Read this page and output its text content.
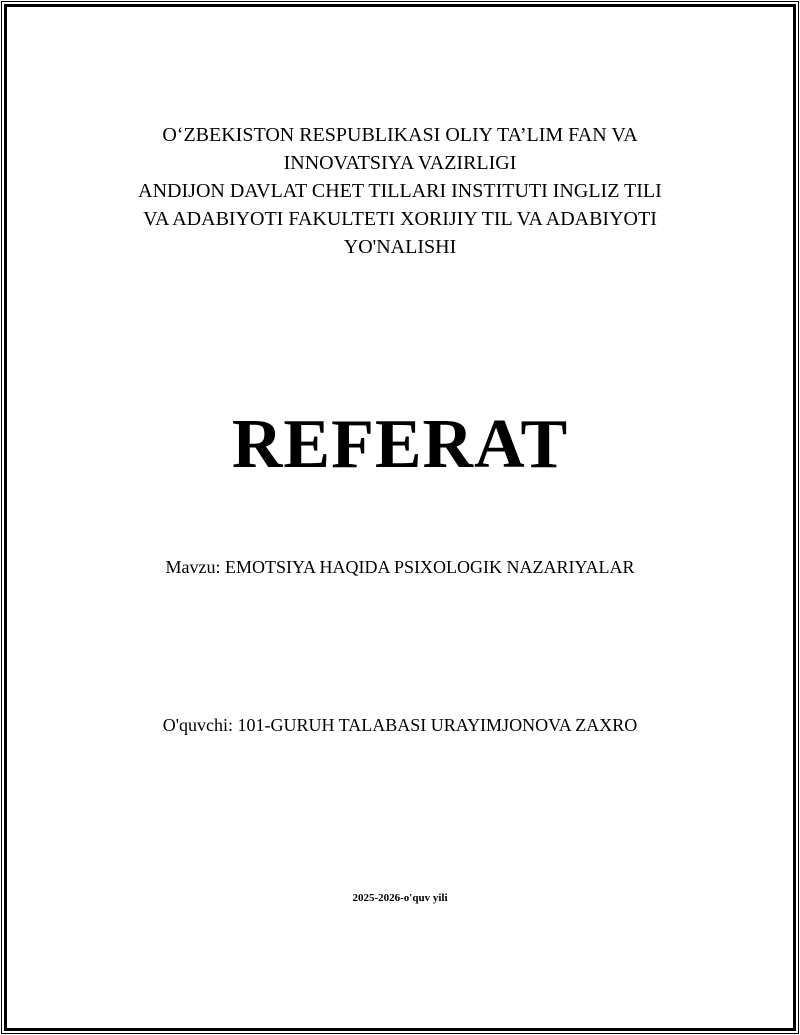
O‘ZBEKISTON RESPUBLIKASI OLIY TA’LIM FAN VA
INNOVATSIYA VAZIRLIGI
ANDIJON DAVLAT CHET TILLARI INSTITUTI INGLIZ TILI
VA ADABIYOTI FAKULTETI XORIJIY TIL VA ADABIYOTI
YO'NALISHI
REFERAT
Mavzu: EMOTSIYA HAQIDA PSIXOLOGIK NAZARIYALAR
O'quvchi: 101-GURUH TALABASI URAYIMJONOVA ZAXRO
2025-2026-o'quv yili
